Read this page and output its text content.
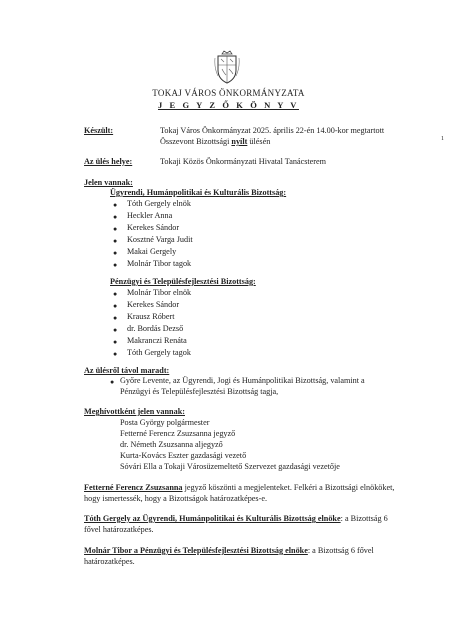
TOKAJ VÁROS ÖNKORMÁNYZATA
J E G Y Z Ő K Ö N Y V
1
Készült:	Tokaj Város Önkormányzat 2025. április 22-én 14.00-kor megtartott
Összevont Bizottsági nyílt ülésén
Az ülés helye:	Tokaji Közös Önkormányzati Hivatal Tanácsterem
Jelen vannak:
Ügyrendi, Humánpolitikai és Kulturális Bizottság:
● Tóth Gergely elnök
● Heckler Anna
● Kerekes Sándor
● Kosztné Varga Judit
● Makai Gergely
● Molnár Tibor tagok
Pénzügyi és Településfejlesztési Bizottság:
● Molnár Tibor elnök
● Kerekes Sándor
● Krausz Róbert
● dr. Bordás Dezső
● Makranczi Renáta
● Tóth Gergely tagok
Az ülésről távol maradt:
● Győre Levente, az Ügyrendi, Jogi és Humánpolitikai Bizottság, valamint a
Pénzügyi és Településfejlesztési Bizottság tagja,
Meghívottként jelen vannak:
Posta György polgármester
Fetterné Ferencz Zsuzsanna jegyző
dr. Németh Zsuzsanna aljegyző
Kurta-Kovács Eszter gazdasági vezető
Sóvári Ella a Tokaji Városüzemeltető Szervezet gazdasági vezetője
Fetterné Ferencz Zsuzsanna jegyző köszönti a megjelenteket. Felkéri a Bizottsági elnököket,
hogy ismertessék, hogy a Bizottságok határozatképes-e.
Tóth Gergely az Ügyrendi, Humánpolitikai és Kulturális Bizottság elnöke: a Bizottság 6
fővel határozatképes.
Molnár Tibor a Pénzügyi és Településfejlesztési Bizottság elnöke: a Bizottság 6 fővel
határozatképes.
